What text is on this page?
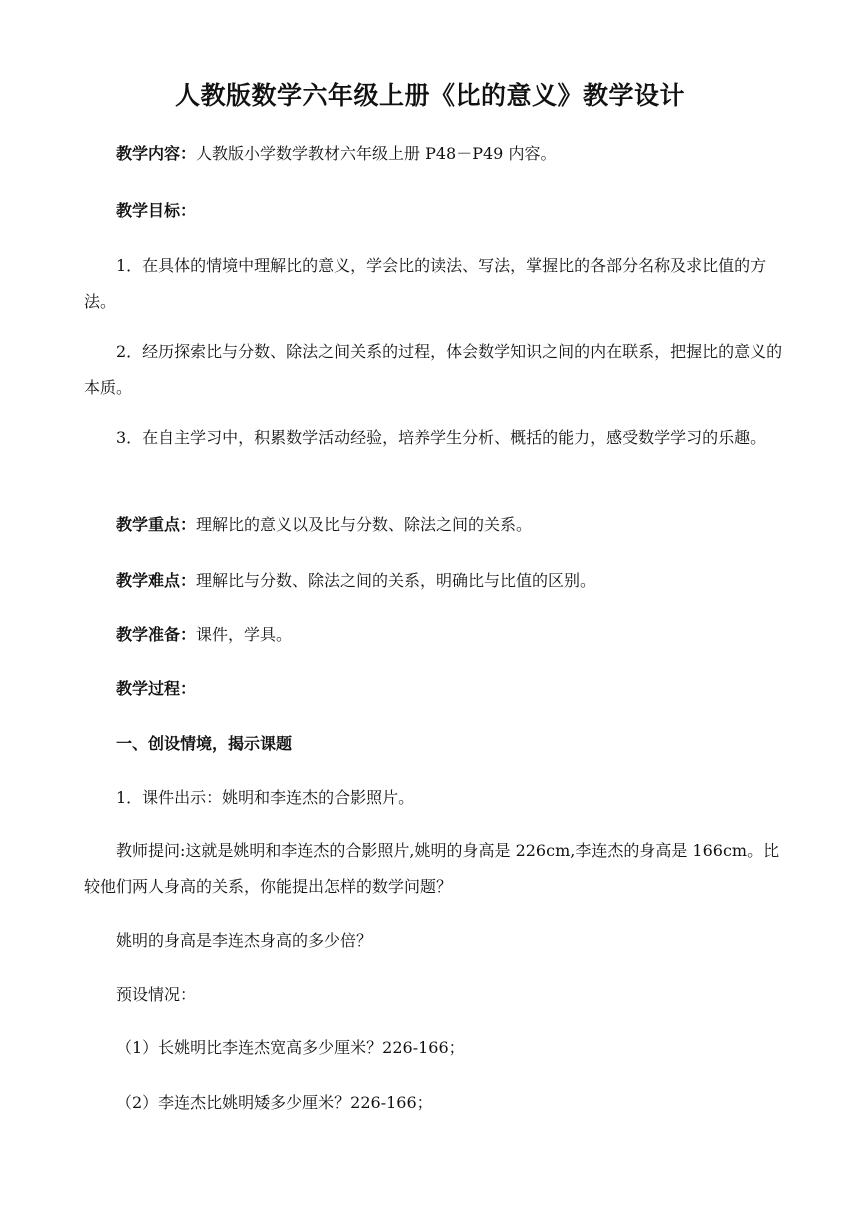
人教版数学六年级上册《比的意义》教学设计

教学内容：人教版小学数学教材六年级上册 P48－P49 内容。

教学目标：

1．在具体的情境中理解比的意义，学会比的读法、写法，掌握比的各部分名称及求比值的方法。

2．经历探索比与分数、除法之间关系的过程，体会数学知识之间的内在联系，把握比的意义的本质。

3．在自主学习中，积累数学活动经验，培养学生分析、概括的能力，感受数学学习的乐趣。

教学重点：理解比的意义以及比与分数、除法之间的关系。

教学难点：理解比与分数、除法之间的关系，明确比与比值的区别。

教学准备：课件，学具。

教学过程：

一、创设情境，揭示课题

1．课件出示：姚明和李连杰的合影照片。

教师提问:这就是姚明和李连杰的合影照片,姚明的身高是 226cm,李连杰的身高是 166cm。比较他们两人身高的关系，你能提出怎样的数学问题？

姚明的身高是李连杰身高的多少倍？

预设情况：

（1）长姚明比李连杰宽高多少厘米？226-166；

（2）李连杰比姚明矮多少厘米？226-166；
